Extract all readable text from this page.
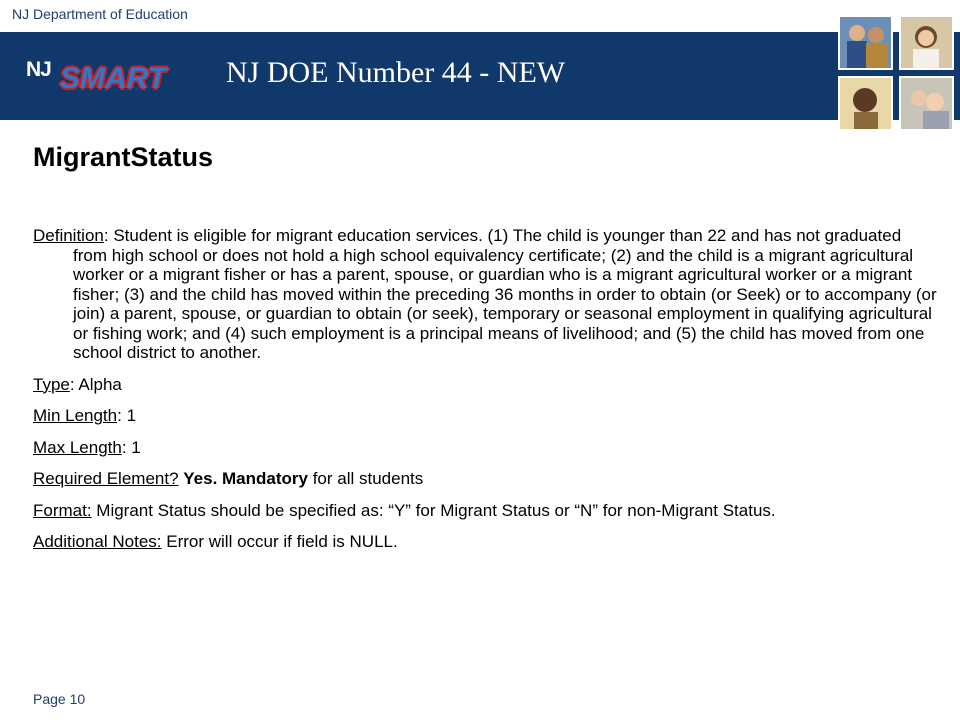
NJ Department of Education
NJ SMART NJ DOE Number 44 - NEW
MigrantStatus

Definition: Student is eligible for migrant education services. (1) The child is younger than 22 and has not graduated from high school or does not hold a high school equivalency certificate; (2) and the child is a migrant agricultural worker or a migrant fisher or has a parent, spouse, or guardian who is a migrant agricultural worker or a migrant fisher; (3) and the child has moved within the preceding 36 months in order to obtain (or Seek) or to accompany (or join) a parent, spouse, or guardian to obtain (or seek), temporary or seasonal employment in qualifying agricultural or fishing work; and (4) such employment is a principal means of livelihood; and (5) the child has moved from one school district to another.

Type: Alpha

Min Length: 1

Max Length: 1

Required Element? Yes. Mandatory for all students

Format: Migrant Status should be specified as: “Y” for Migrant Status or “N” for non-Migrant Status.

Additional Notes: Error will occur if field is NULL.

Page 10
